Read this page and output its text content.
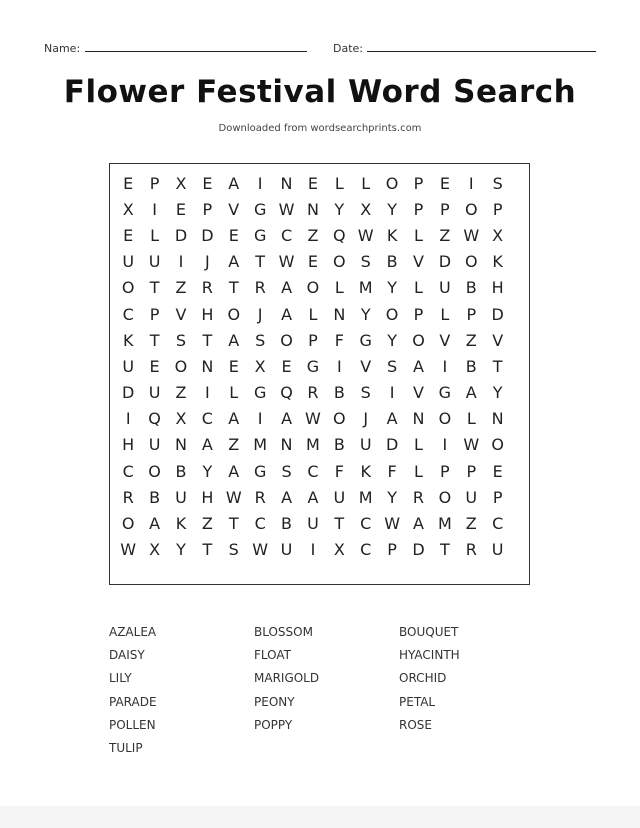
Name:	Date:
Flower Festival Word Search
Downloaded from wordsearchprints.com
E	P	X E A	I	N E	L	L O P	E	I	S
X	I	E	P	V G W N Y	X	Y	P	P O P
E	L D D E G C Z Q W K	L	Z W X
U U	I	J	A	T W E O S B V D O K
O T	Z R T R A O L M Y	L	U B H
C P	V H O	J	A	L N Y O P	L	P D
K	T	S	T	A S O P	F G Y O V Z V
U E O N E X E G	I	V S A	I	B	T
D U Z	I	L G Q R B S	I	V G A	Y
I	Q X C A	I	A W O	J	A N O L N
H U N A Z M N M B U D L	I	W O
C O B	Y	A G S C	F	K	F	L	P	P	E
R B U H W R A A U M Y R O U P
O A K Z	T C B U T C W A M Z C
W X	Y	T	S W U	I	X C P D T R U
AZALEA	BLOSSOM	BOUQUET
DAISY	FLOAT	HYACINTH
LILY	MARIGOLD	ORCHID
PARADE	PEONY	PETAL
POLLEN	POPPY	ROSE
TULIP
